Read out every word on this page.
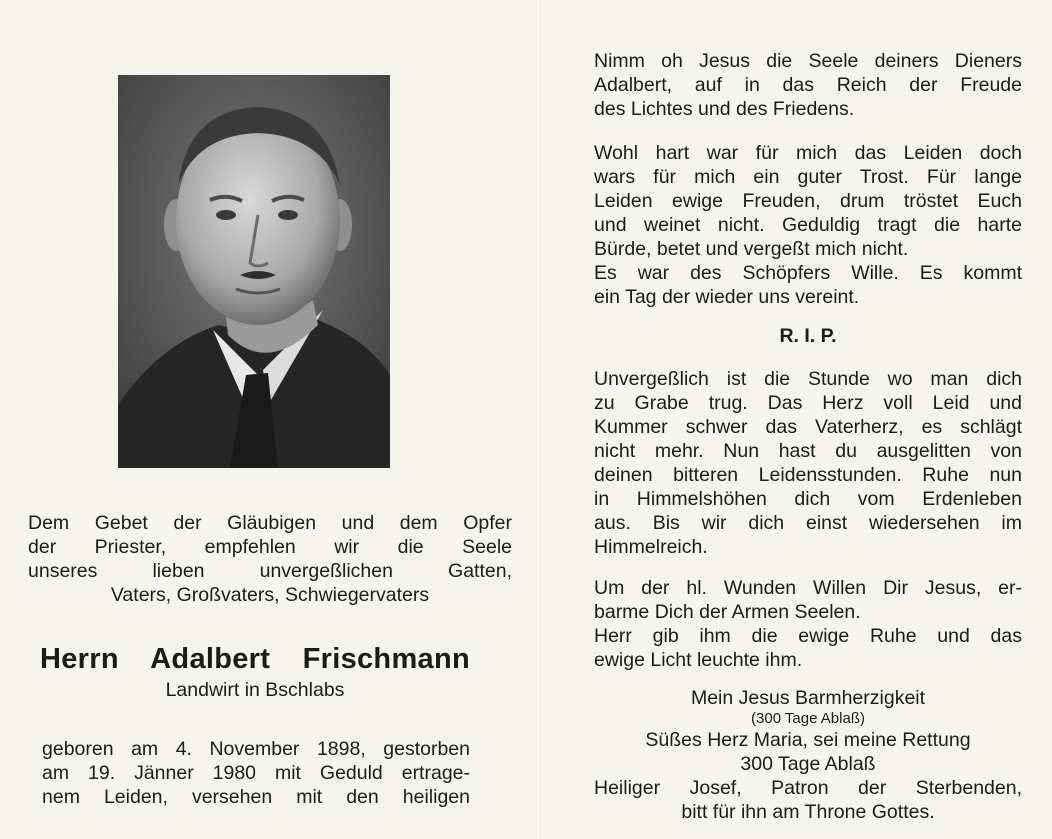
Dem Gebet der Gläubigen und dem Opfer
der Priester, empfehlen wir die Seele
unseres lieben unvergeßlichen Gatten,
Vaters, Großvaters, Schwiegervaters

Herrn Adalbert Frischmann

Landwirt in Bschlabs

geboren am 4. November 1898, gestorben
am 19. Jänner 1980 mit Geduld ertrage-
nem Leiden, versehen mit den heiligen

Nimm oh Jesus die Seele deiners Dieners
Adalbert, auf in das Reich der Freude
des Lichtes und des Friedens.

Wohl hart war für mich das Leiden doch
wars für mich ein guter Trost. Für lange
Leiden ewige Freuden, drum tröstet Euch
und weinet nicht. Geduldig tragt die harte
Bürde, betet und vergeßt mich nicht.
Es war des Schöpfers Wille. Es kommt
ein Tag der wieder uns vereint.

R. I. P.

Unvergeßlich ist die Stunde wo man dich
zu Grabe trug. Das Herz voll Leid und
Kummer schwer das Vaterherz, es schlägt
nicht mehr. Nun hast du ausgelitten von
deinen bitteren Leidensstunden. Ruhe nun
in Himmelshöhen dich vom Erdenleben
aus. Bis wir dich einst wiedersehen im
Himmelreich.

Um der hl. Wunden Willen Dir Jesus, er-
barme Dich der Armen Seelen.
Herr gib ihm die ewige Ruhe und das
ewige Licht leuchte ihm.

Mein Jesus Barmherzigkeit
(300 Tage Ablaß)
Süßes Herz Maria, sei meine Rettung
300 Tage Ablaß
Heiliger Josef, Patron der Sterbenden,
bitt für ihn am Throne Gottes.
